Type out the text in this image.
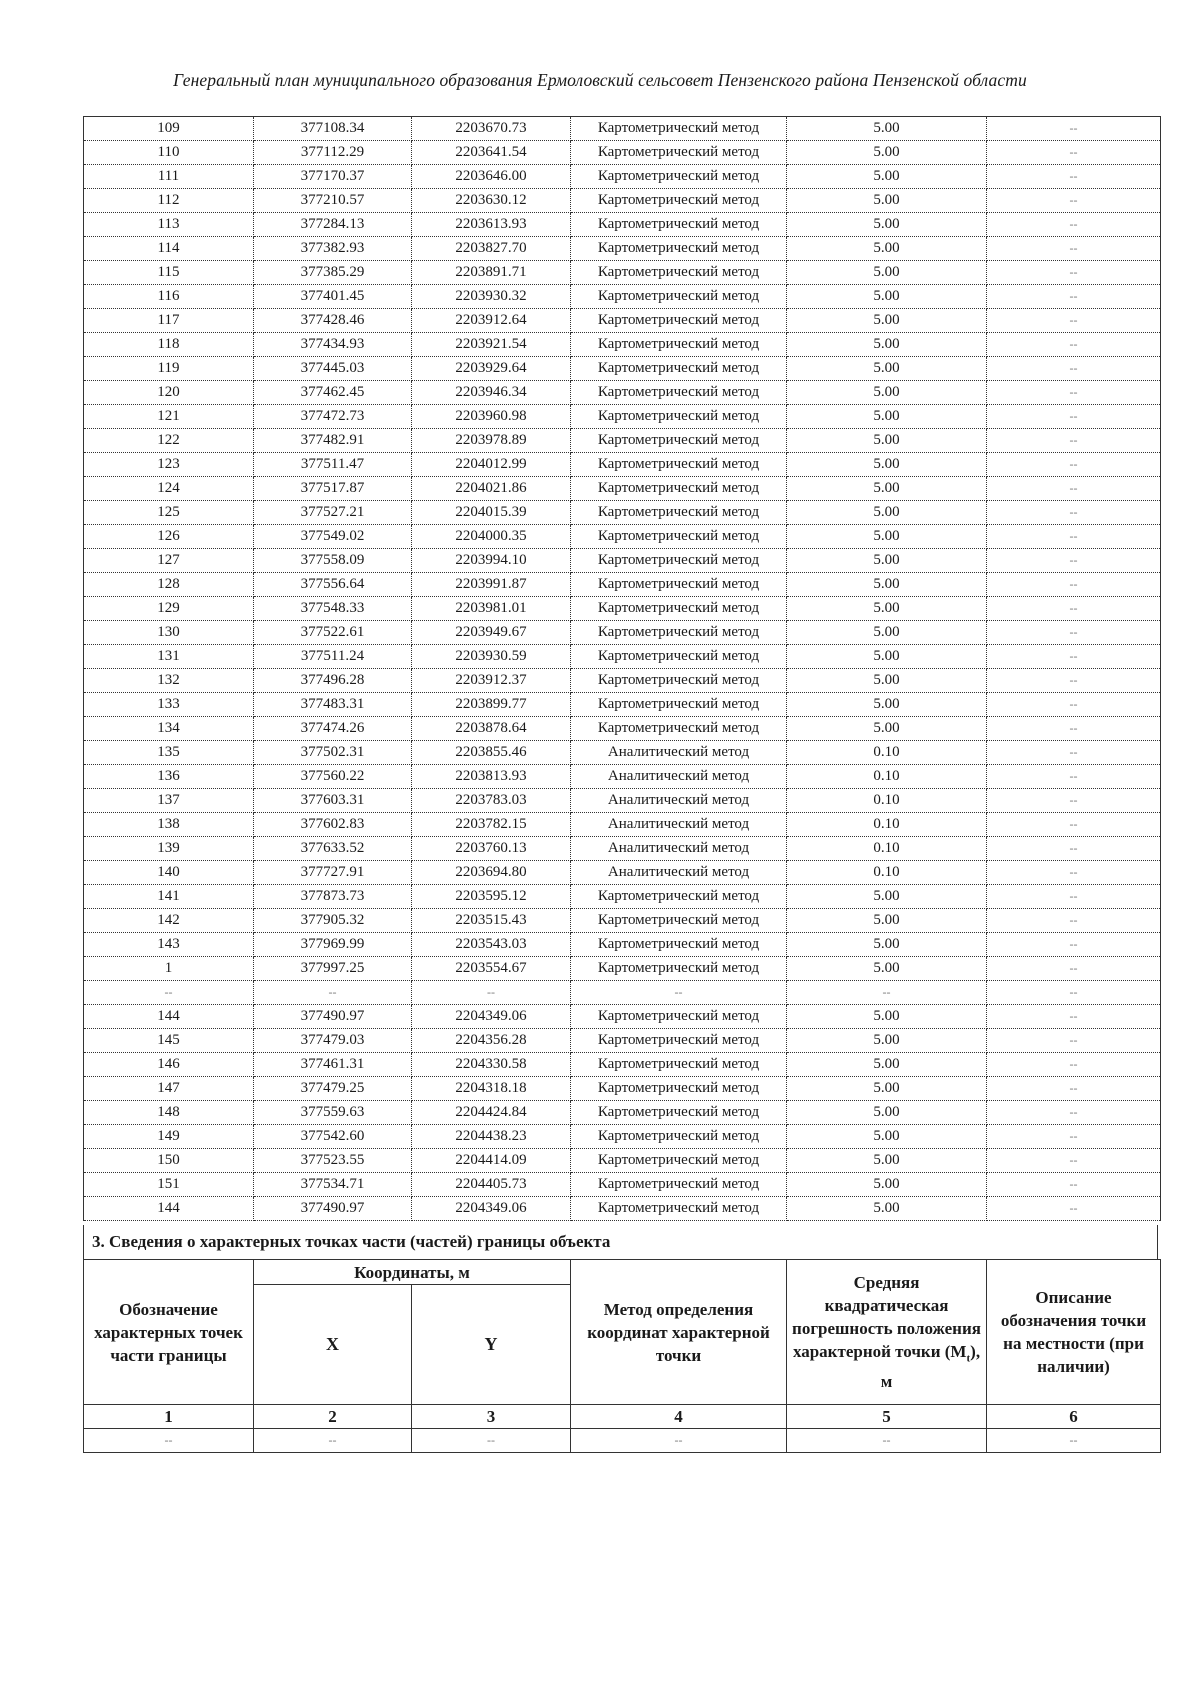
Генеральный план муниципального образования Ермоловский сельсовет Пензенского района Пензенской области
109	377108.34	2203670.73	Картометрический метод	5.00	--
110	377112.29	2203641.54	Картометрический метод	5.00	--
111	377170.37	2203646.00	Картометрический метод	5.00	--
112	377210.57	2203630.12	Картометрический метод	5.00	--
113	377284.13	2203613.93	Картометрический метод	5.00	--
114	377382.93	2203827.70	Картометрический метод	5.00	--
115	377385.29	2203891.71	Картометрический метод	5.00	--
116	377401.45	2203930.32	Картометрический метод	5.00	--
117	377428.46	2203912.64	Картометрический метод	5.00	--
118	377434.93	2203921.54	Картометрический метод	5.00	--
119	377445.03	2203929.64	Картометрический метод	5.00	--
120	377462.45	2203946.34	Картометрический метод	5.00	--
121	377472.73	2203960.98	Картометрический метод	5.00	--
122	377482.91	2203978.89	Картометрический метод	5.00	--
123	377511.47	2204012.99	Картометрический метод	5.00	--
124	377517.87	2204021.86	Картометрический метод	5.00	--
125	377527.21	2204015.39	Картометрический метод	5.00	--
126	377549.02	2204000.35	Картометрический метод	5.00	--
127	377558.09	2203994.10	Картометрический метод	5.00	--
128	377556.64	2203991.87	Картометрический метод	5.00	--
129	377548.33	2203981.01	Картометрический метод	5.00	--
130	377522.61	2203949.67	Картометрический метод	5.00	--
131	377511.24	2203930.59	Картометрический метод	5.00	--
132	377496.28	2203912.37	Картометрический метод	5.00	--
133	377483.31	2203899.77	Картометрический метод	5.00	--
134	377474.26	2203878.64	Картометрический метод	5.00	--
135	377502.31	2203855.46	Аналитический метод	0.10	--
136	377560.22	2203813.93	Аналитический метод	0.10	--
137	377603.31	2203783.03	Аналитический метод	0.10	--
138	377602.83	2203782.15	Аналитический метод	0.10	--
139	377633.52	2203760.13	Аналитический метод	0.10	--
140	377727.91	2203694.80	Аналитический метод	0.10	--
141	377873.73	2203595.12	Картометрический метод	5.00	--
142	377905.32	2203515.43	Картометрический метод	5.00	--
143	377969.99	2203543.03	Картометрический метод	5.00	--
1	377997.25	2203554.67	Картометрический метод	5.00	--
--	--	--	--	--	--
144	377490.97	2204349.06	Картометрический метод	5.00	--
145	377479.03	2204356.28	Картометрический метод	5.00	--
146	377461.31	2204330.58	Картометрический метод	5.00	--
147	377479.25	2204318.18	Картометрический метод	5.00	--
148	377559.63	2204424.84	Картометрический метод	5.00	--
149	377542.60	2204438.23	Картометрический метод	5.00	--
150	377523.55	2204414.09	Картометрический метод	5.00	--
151	377534.71	2204405.73	Картометрический метод	5.00	--
144	377490.97	2204349.06	Картометрический метод	5.00	--
3. Сведения о характерных точках части (частей) границы объекта
Обозначение характерных точек части границы	Координаты, м		Метод определения координат характерной точки	Средняя квадратическая погрешность положения характерной точки $(M_t)$, м	Описание обозначения точки на местности (при наличии)
	X	Y			
1	2	3	4	5	6
--	--	--	--	--	--
